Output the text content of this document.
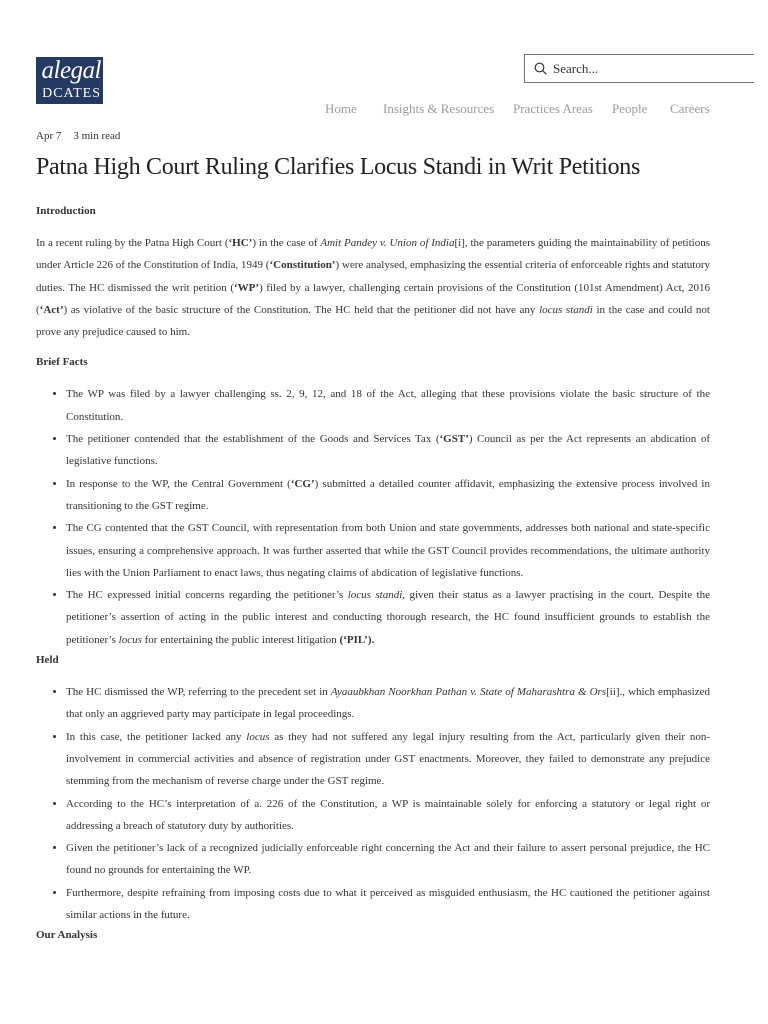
alegal
DCATES
Search...
Home Insights & Resources Practices Areas People Careers
Apr 7 3 min read
Patna High Court Ruling Clarifies Locus Standi in Writ Petitions
Introduction

In a recent ruling by the Patna High Court (‘HC’) in the case of Amit Pandey v. Union of India[i], the parameters guiding the maintainability of petitions under Article 226 of the Constitution of India, 1949 (‘Constitution’) were analysed, emphasizing the essential criteria of enforceable rights and statutory duties. The HC dismissed the writ petition (‘WP’) filed by a lawyer, challenging certain provisions of the Constitution (101st Amendment) Act, 2016 (‘Act’) as violative of the basic structure of the Constitution. The HC held that the petitioner did not have any locus standi in the case and could not prove any prejudice caused to him.

Brief Facts
• The WP was filed by a lawyer challenging ss. 2, 9, 12, and 18 of the Act, alleging that these provisions violate the basic structure of the Constitution.
• The petitioner contended that the establishment of the Goods and Services Tax (‘GST’) Council as per the Act represents an abdication of legislative functions.
• In response to the WP, the Central Government (‘CG’) submitted a detailed counter affidavit, emphasizing the extensive process involved in transitioning to the GST regime.
• The CG contented that the GST Council, with representation from both Union and state governments, addresses both national and state-specific issues, ensuring a comprehensive approach. It was further asserted that while the GST Council provides recommendations, the ultimate authority lies with the Union Parliament to enact laws, thus negating claims of abdication of legislative functions.
• The HC expressed initial concerns regarding the petitioner’s locus standi, given their status as a lawyer practising in the court. Despite the petitioner’s assertion of acting in the public interest and conducting thorough research, the HC found insufficient grounds to establish the petitioner’s locus for entertaining the public interest litigation (‘PIL’).
Held
• The HC dismissed the WP, referring to the precedent set in Ayaaubkhan Noorkhan Pathan v. State of Maharashtra & Ors[ii]., which emphasized that only an aggrieved party may participate in legal proceedings.
• In this case, the petitioner lacked any locus as they had not suffered any legal injury resulting from the Act, particularly given their non-involvement in commercial activities and absence of registration under GST enactments. Moreover, they failed to demonstrate any prejudice stemming from the mechanism of reverse charge under the GST regime.
• According to the HC’s interpretation of a. 226 of the Constitution, a WP is maintainable solely for enforcing a statutory or legal right or addressing a breach of statutory duty by authorities.
• Given the petitioner’s lack of a recognized judicially enforceable right concerning the Act and their failure to assert personal prejudice, the HC found no grounds for entertaining the WP.
• Furthermore, despite refraining from imposing costs due to what it perceived as misguided enthusiasm, the HC cautioned the petitioner against similar actions in the future.
Our Analysis
